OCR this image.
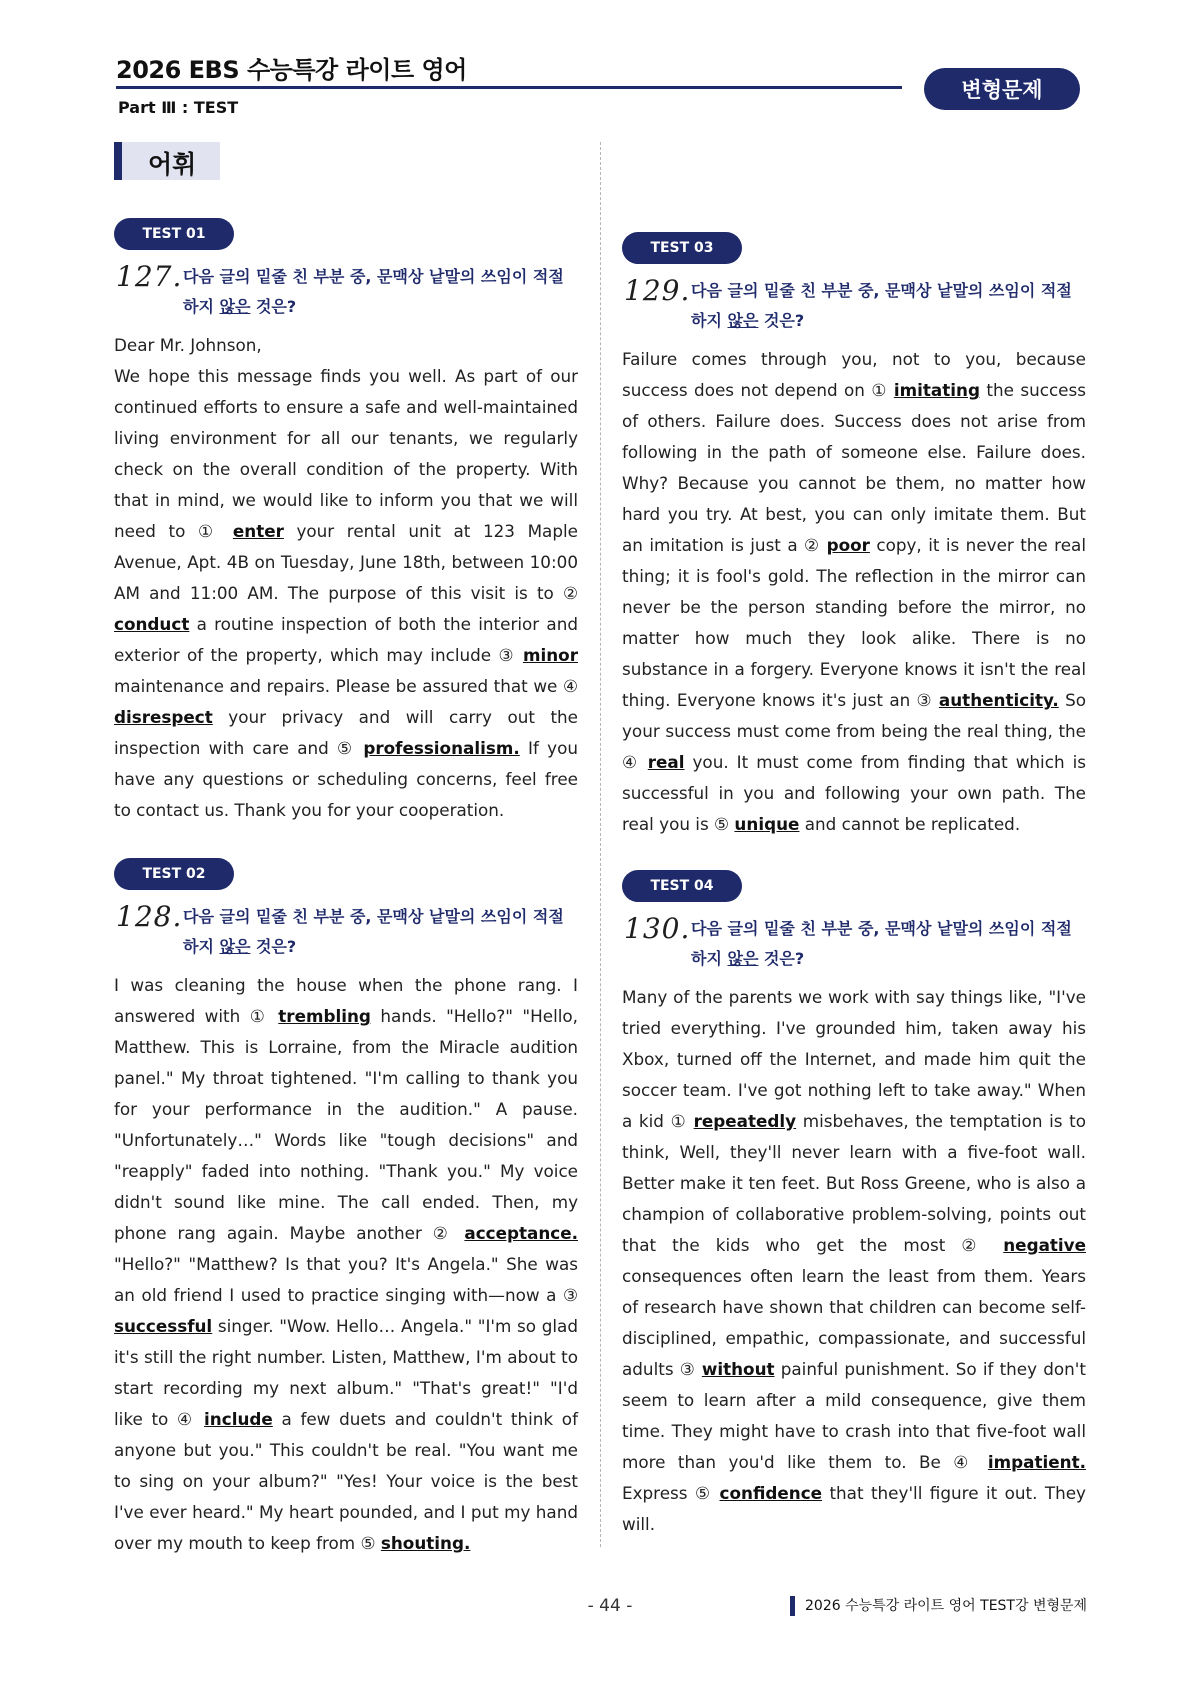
2026 EBS 수능특강 라이트 영어
Part Ⅲ : TEST
변형문제
어휘
TEST 01
127. 다음 글의 밑줄 친 부분 중, 문맥상 낱말의 쓰임이 적절하지 않은 것은?

Dear Mr. Johnson,

We hope this message finds you well. As part of our continued efforts to ensure a safe and well-maintained living environment for all our tenants, we regularly check on the overall condition of the property. With that in mind, we would like to inform you that we will need to ① enter your rental unit at 123 Maple Avenue, Apt. 4B on Tuesday, June 18th, between 10:00 AM and 11:00 AM. The purpose of this visit is to ② conduct a routine inspection of both the interior and exterior of the property, which may include ③ minor maintenance and repairs. Please be assured that we ④ disrespect your privacy and will carry out the inspection with care and ⑤ professionalism. If you have any questions or scheduling concerns, feel free to contact us. Thank you for your cooperation.

TEST 02
128. 다음 글의 밑줄 친 부분 중, 문맥상 낱말의 쓰임이 적절하지 않은 것은?

I was cleaning the house when the phone rang. I answered with ① trembling hands. "Hello?" "Hello, Matthew. This is Lorraine, from the Miracle audition panel." My throat tightened. "I'm calling to thank you for your performance in the audition." A pause. "Unfortunately…" Words like "tough decisions" and "reapply" faded into nothing. "Thank you." My voice didn't sound like mine. The call ended. Then, my phone rang again. Maybe another ② acceptance. "Hello?" "Matthew? Is that you? It's Angela." She was an old friend I used to practice singing with—now a ③ successful singer. "Wow. Hello… Angela." "I'm so glad it's still the right number. Listen, Matthew, I'm about to start recording my next album." "That's great!" "I'd like to ④ include a few duets and couldn't think of anyone but you." This couldn't be real. "You want me to sing on your album?" "Yes! Your voice is the best I've ever heard." My heart pounded, and I put my hand over my mouth to keep from ⑤ shouting.

TEST 03
129. 다음 글의 밑줄 친 부분 중, 문맥상 낱말의 쓰임이 적절하지 않은 것은?

Failure comes through you, not to you, because success does not depend on ① imitating the success of others. Failure does. Success does not arise from following in the path of someone else. Failure does. Why? Because you cannot be them, no matter how hard you try. At best, you can only imitate them. But an imitation is just a ② poor copy, it is never the real thing; it is fool's gold. The reflection in the mirror can never be the person standing before the mirror, no matter how much they look alike. There is no substance in a forgery. Everyone knows it isn't the real thing. Everyone knows it's just an ③ authenticity. So your success must come from being the real thing, the ④ real you. It must come from finding that which is successful in you and following your own path. The real you is ⑤ unique and cannot be replicated.

TEST 04
130. 다음 글의 밑줄 친 부분 중, 문맥상 낱말의 쓰임이 적절하지 않은 것은?

Many of the parents we work with say things like, "I've tried everything. I've grounded him, taken away his Xbox, turned off the Internet, and made him quit the soccer team. I've got nothing left to take away." When a kid ① repeatedly misbehaves, the temptation is to think, Well, they'll never learn with a five-foot wall. Better make it ten feet. But Ross Greene, who is also a champion of collaborative problem-solving, points out that the kids who get the most ② negative consequences often learn the least from them. Years of research have shown that children can become self-disciplined, empathic, compassionate, and successful adults ③ without painful punishment. So if they don't seem to learn after a mild consequence, give them time. They might have to crash into that five-foot wall more than you'd like them to. Be ④ impatient. Express ⑤ confidence that they'll figure it out. They will.

- 44 -	2026 수능특강 라이트 영어 TEST강 변형문제
